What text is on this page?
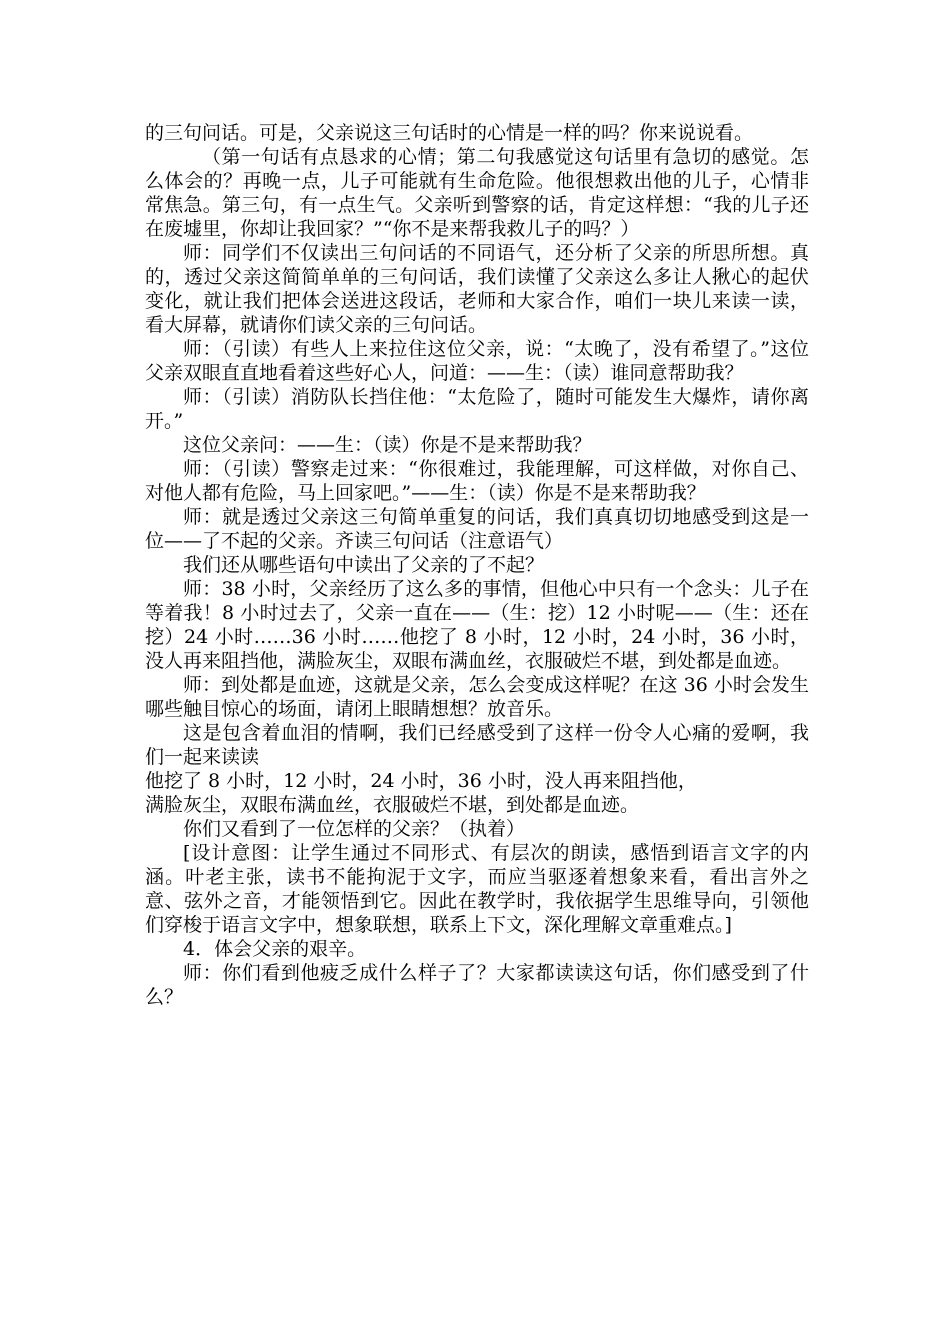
的三句问话。可是，父亲说这三句话时的心情是一样的吗？你来说说看。

（第一句话有点恳求的心情；第二句我感觉这句话里有急切的感觉。怎么体会的？再晚一点，儿子可能就有生命危险。他很想救出他的儿子，心情非常焦急。第三句，有一点生气。父亲听到警察的话，肯定这样想：“我的儿子还在废墟里，你却让我回家？”“你不是来帮我救儿子的吗？）

师：同学们不仅读出三句问话的不同语气，还分析了父亲的所思所想。真的，透过父亲这简简单单的三句问话，我们读懂了父亲这么多让人揪心的起伏变化，就让我们把体会送进这段话，老师和大家合作，咱们一块儿来读一读，看大屏幕，就请你们读父亲的三句问话。

师：（引读）有些人上来拉住这位父亲，说：“太晚了，没有希望了。”这位父亲双眼直直地看着这些好心人，问道：——生：（读）谁同意帮助我？

师：（引读）消防队长挡住他：“太危险了，随时可能发生大爆炸，请你离开。”

这位父亲问：——生：（读）你是不是来帮助我？

师：（引读）警察走过来：“你很难过，我能理解，可这样做，对你自己、对他人都有危险，马上回家吧。”——生：（读）你是不是来帮助我？

师：就是透过父亲这三句简单重复的问话，我们真真切切地感受到这是一位——了不起的父亲。齐读三句问话（注意语气）

我们还从哪些语句中读出了父亲的了不起？

师：38 小时，父亲经历了这么多的事情，但他心中只有一个念头：儿子在等着我！8 小时过去了，父亲一直在——（生：挖）12 小时呢——（生：还在挖）24 小时……36 小时……他挖了 8 小时，12 小时，24 小时，36 小时，没人再来阻挡他，满脸灰尘，双眼布满血丝，衣服破烂不堪，到处都是血迹。

师：到处都是血迹，这就是父亲，怎么会变成这样呢？在这 36 小时会发生哪些触目惊心的场面，请闭上眼睛想想？放音乐。

这是包含着血泪的情啊，我们已经感受到了这样一份令人心痛的爱啊，我们一起来读读

他挖了 8 小时，12 小时，24 小时，36 小时，没人再来阻挡他，

满脸灰尘，双眼布满血丝，衣服破烂不堪，到处都是血迹。

你们又看到了一位怎样的父亲？（执着）

[设计意图：让学生通过不同形式、有层次的朗读，感悟到语言文字的内涵。叶老主张，读书不能拘泥于文字，而应当驱逐着想象来看，看出言外之意、弦外之音，才能领悟到它。因此在教学时，我依据学生思维导向，引领他们穿梭于语言文字中，想象联想，联系上下文，深化理解文章重难点。]

4．体会父亲的艰辛。

师：你们看到他疲乏成什么样子了？大家都读读这句话，你们感受到了什么？
